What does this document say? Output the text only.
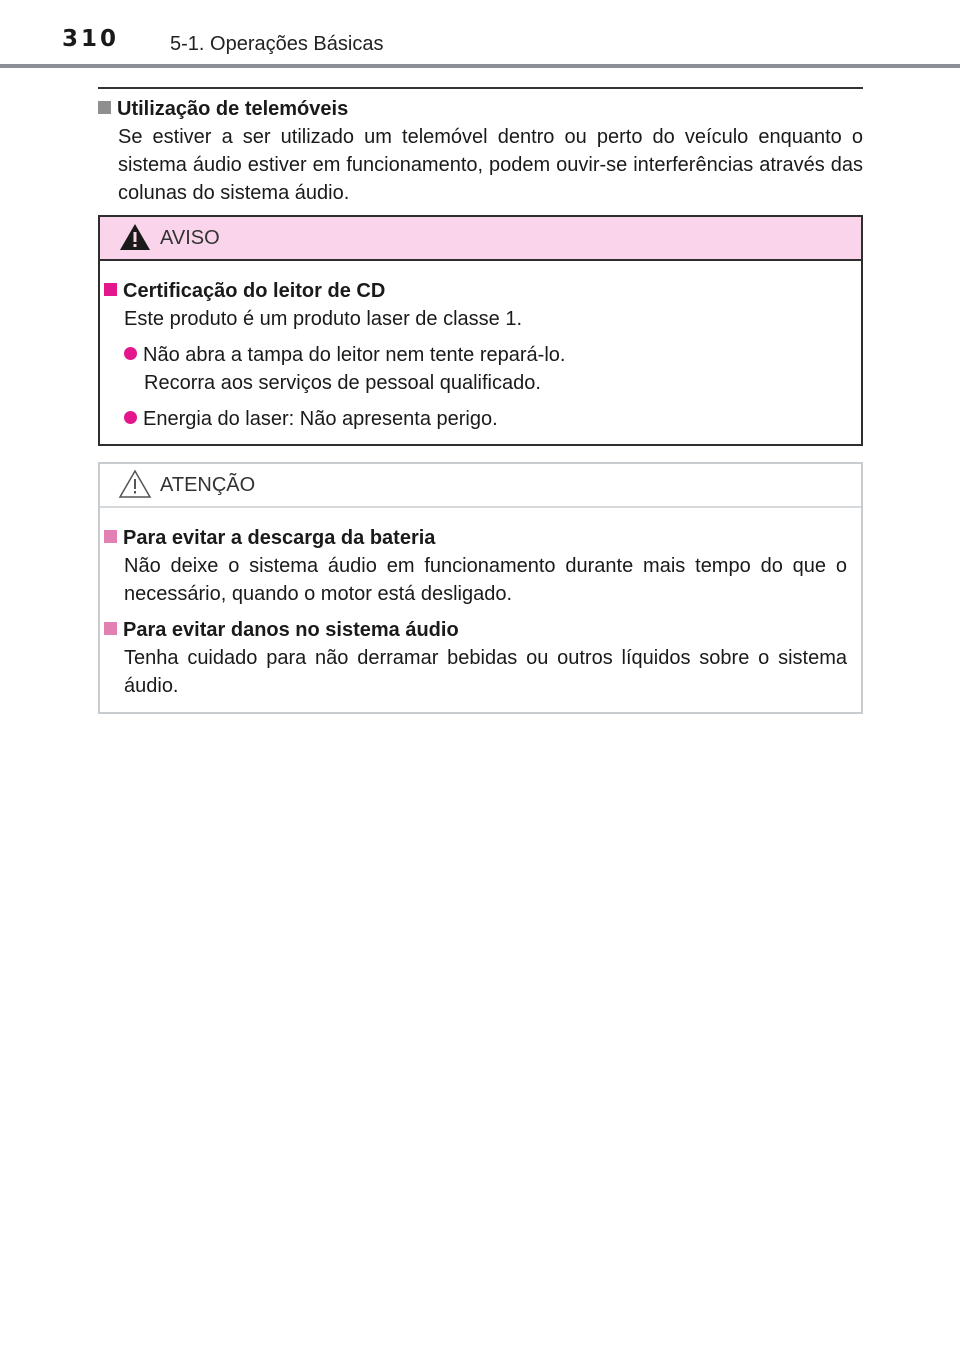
310	5-1. Operações Básicas
Utilização de telemóveis
Se estiver a ser utilizado um telemóvel dentro ou perto do veículo enquanto o sistema áudio estiver em funcionamento, podem ouvir-se interferências através das colunas do sistema áudio.
AVISO
Certificação do leitor de CD
Este produto é um produto laser de classe 1.
Não abra a tampa do leitor nem tente repará-lo.
Recorra aos serviços de pessoal qualificado.
Energia do laser: Não apresenta perigo.
ATENÇÃO
Para evitar a descarga da bateria
Não deixe o sistema áudio em funcionamento durante mais tempo do que o necessário, quando o motor está desligado.
Para evitar danos no sistema áudio
Tenha cuidado para não derramar bebidas ou outros líquidos sobre o sistema áudio.
